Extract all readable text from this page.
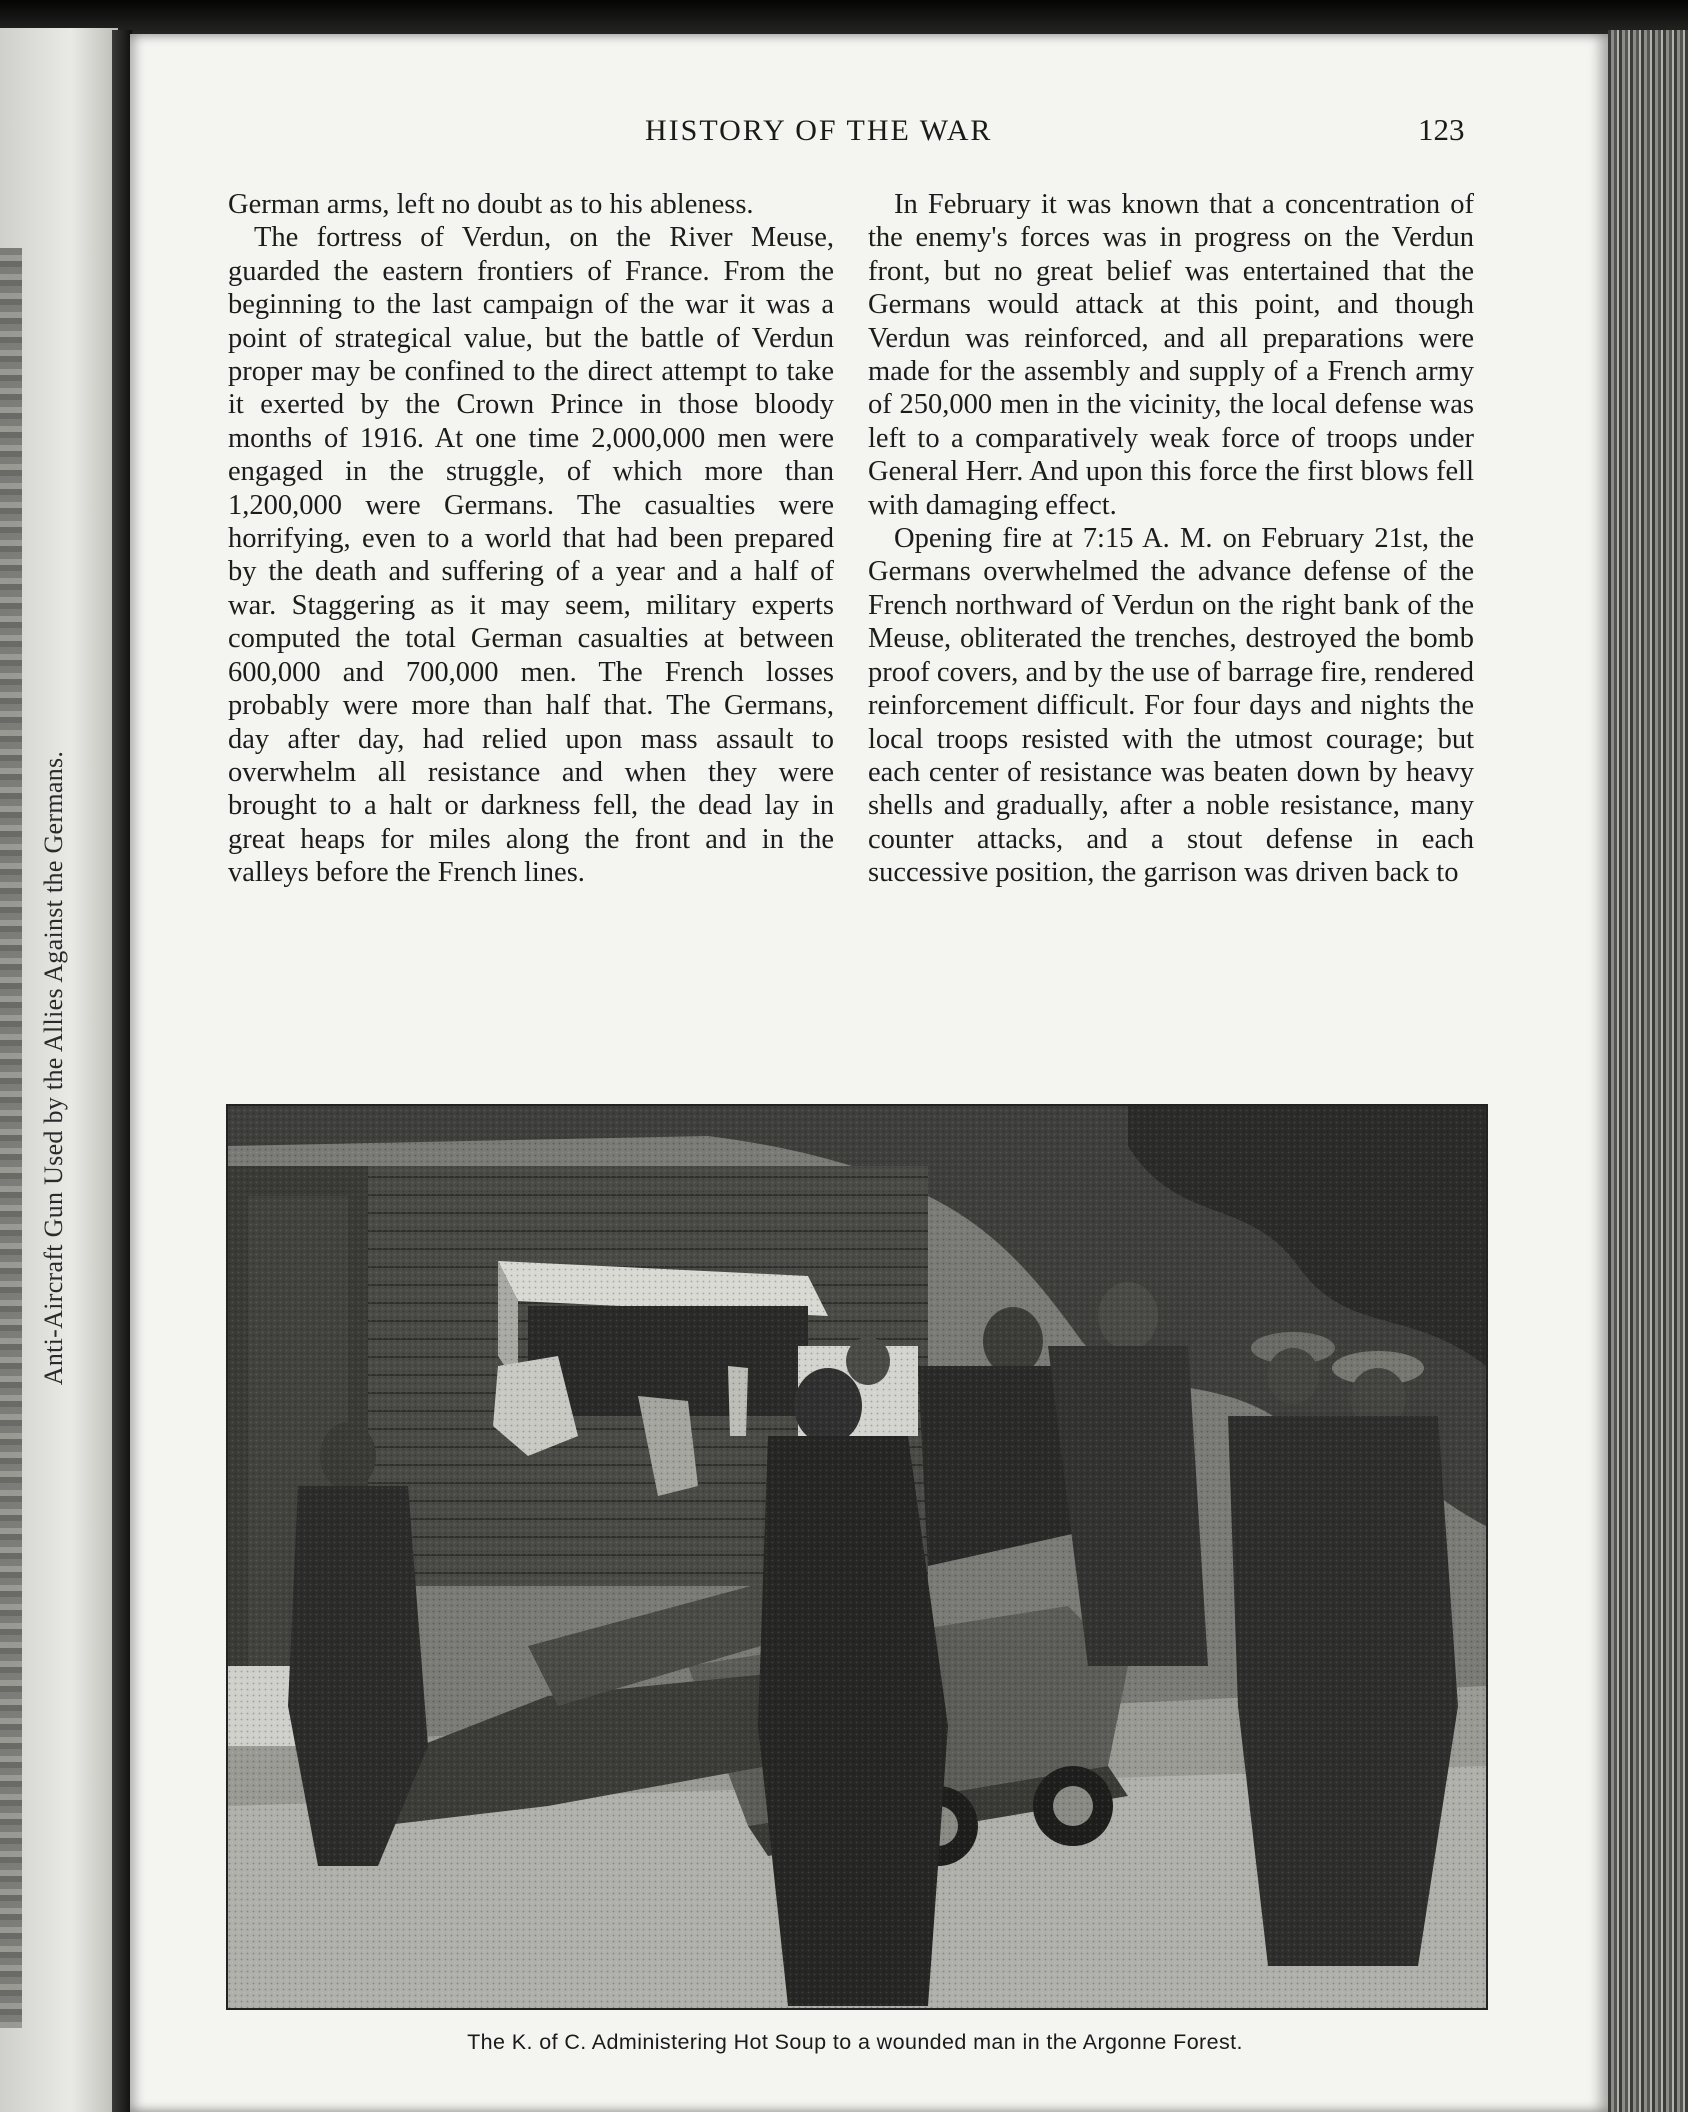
Anti-Aircraft Gun Used by the Allies Against the Germans.
HISTORY OF THE WAR	123

German arms, left no doubt as to his ableness.

The fortress of Verdun, on the River Meuse, guarded the eastern frontiers of France. From the beginning to the last campaign of the war it was a point of strategical value, but the battle of Verdun proper may be confined to the direct attempt to take it exerted by the Crown Prince in those bloody months of 1916. At one time 2,000,000 men were engaged in the struggle, of which more than 1,200,000 were Germans. The casualties were horrifying, even to a world that had been prepared by the death and suffering of a year and a half of war. Staggering as it may seem, military experts computed the total German casualties at between 600,000 and 700,000 men. The French losses probably were more than half that. The Germans, day after day, had relied upon mass assault to overwhelm all resistance and when they were brought to a halt or darkness fell, the dead lay in great heaps for miles along the front and in the valleys before the French lines.

In February it was known that a concentration of the enemy's forces was in progress on the Verdun front, but no great belief was entertained that the Germans would attack at this point, and though Verdun was reinforced, and all preparations were made for the assembly and supply of a French army of 250,000 men in the vicinity, the local defense was left to a comparatively weak force of troops under General Herr. And upon this force the first blows fell with damaging effect.

Opening fire at 7:15 A. M. on February 21st, the Germans overwhelmed the advance defense of the French northward of Verdun on the right bank of the Meuse, obliterated the trenches, destroyed the bomb proof covers, and by the use of barrage fire, rendered reinforcement difficult. For four days and nights the local troops resisted with the utmost courage; but each center of resistance was beaten down by heavy shells and gradually, after a noble resistance, many counter attacks, and a stout defense in each successive position, the garrison was driven back to

The K. of C. Administering Hot Soup to a wounded man in the Argonne Forest.
